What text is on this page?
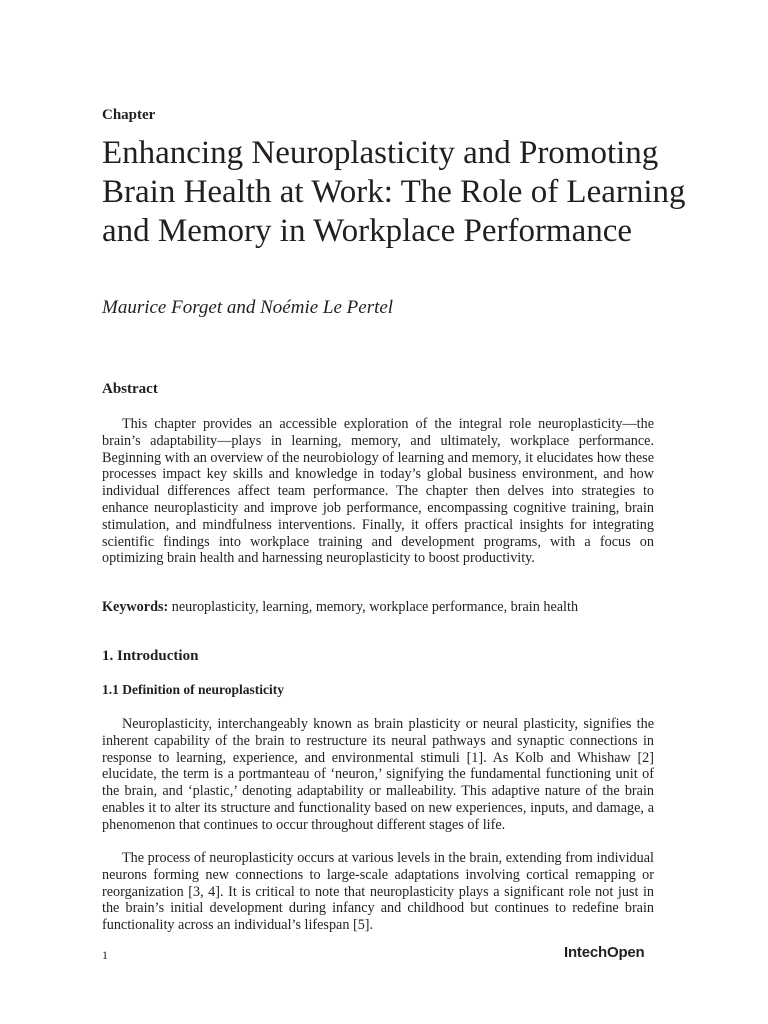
Chapter
Enhancing Neuroplasticity and Promoting Brain Health at Work: The Role of Learning and Memory in Workplace Performance
Maurice Forget and Noémie Le Pertel
Abstract

This chapter provides an accessible exploration of the integral role neuroplasticity—the brain’s adaptability—plays in learning, memory, and ultimately, workplace performance. Beginning with an overview of the neurobiology of learning and memory, it elucidates how these processes impact key skills and knowledge in today’s global business environment, and how individual differences affect team performance. The chapter then delves into strategies to enhance neuroplasticity and improve job performance, encompassing cognitive training, brain stimulation, and mindfulness interventions. Finally, it offers practical insights for integrating scientific findings into workplace training and development programs, with a focus on optimizing brain health and harnessing neuroplasticity to boost productivity.

Keywords: neuroplasticity, learning, memory, workplace performance, brain health

1. Introduction
1.1 Definition of neuroplasticity

Neuroplasticity, interchangeably known as brain plasticity or neural plasticity, signifies the inherent capability of the brain to restructure its neural pathways and synaptic connections in response to learning, experience, and environmental stimuli [1]. As Kolb and Whishaw [2] elucidate, the term is a portmanteau of ‘neuron,’ signifying the fundamental functioning unit of the brain, and ‘plastic,’ denoting adaptability or malleability. This adaptive nature of the brain enables it to alter its structure and functionality based on new experiences, inputs, and damage, a phenomenon that continues to occur throughout different stages of life.

The process of neuroplasticity occurs at various levels in the brain, extending from individual neurons forming new connections to large-scale adaptations involving cortical remapping or reorganization [3, 4]. It is critical to note that neuroplasticity plays a significant role not just in the brain’s initial development during infancy and childhood but continues to redefine brain functionality across an individual’s lifespan [5].

1	IntechOpen
